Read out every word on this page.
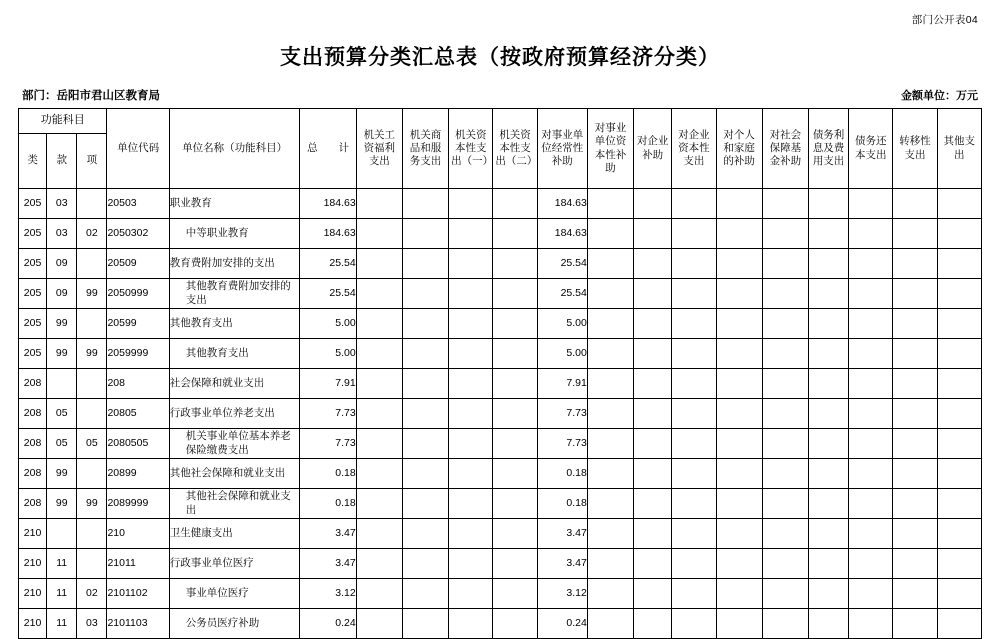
部门公开表04
支出预算分类汇总表（按政府预算经济分类）
部门：岳阳市君山区教育局	金额单位：万元
功能科目			单位代码	单位名称（功能科目）	总　　计	机关工资福利支出	机关商品和服务支出	机关资本性支出（一）	机关资本性支出（二）	对事业单位经常性补助	对事业单位资本性补助	对企业补助	对企业资本性支出	对个人和家庭的补助	对社会保障基金补助	债务利息及费用支出	债务还本支出	转移性支出	其他支出
类	款	项																	
205	03		20503	职业教育	184.63					184.63									
205	03	02	2050302	中等职业教育	184.63					184.63									
205	09		20509	教育费附加安排的支出	25.54					25.54									
205	09	99	2050999	其他教育费附加安排的支出	25.54					25.54									
205	99		20599	其他教育支出	5.00					5.00									
205	99	99	2059999	其他教育支出	5.00					5.00									
208			208	社会保障和就业支出	7.91					7.91									
208	05		20805	行政事业单位养老支出	7.73					7.73									
208	05	05	2080505	机关事业单位基本养老保险缴费支出	7.73					7.73									
208	99		20899	其他社会保障和就业支出	0.18					0.18									
208	99	99	2089999	其他社会保障和就业支出	0.18					0.18									
210			210	卫生健康支出	3.47					3.47									
210	11		21011	行政事业单位医疗	3.47					3.47									
210	11	02	2101102	事业单位医疗	3.12					3.12									
210	11	03	2101103	公务员医疗补助	0.24					0.24									
